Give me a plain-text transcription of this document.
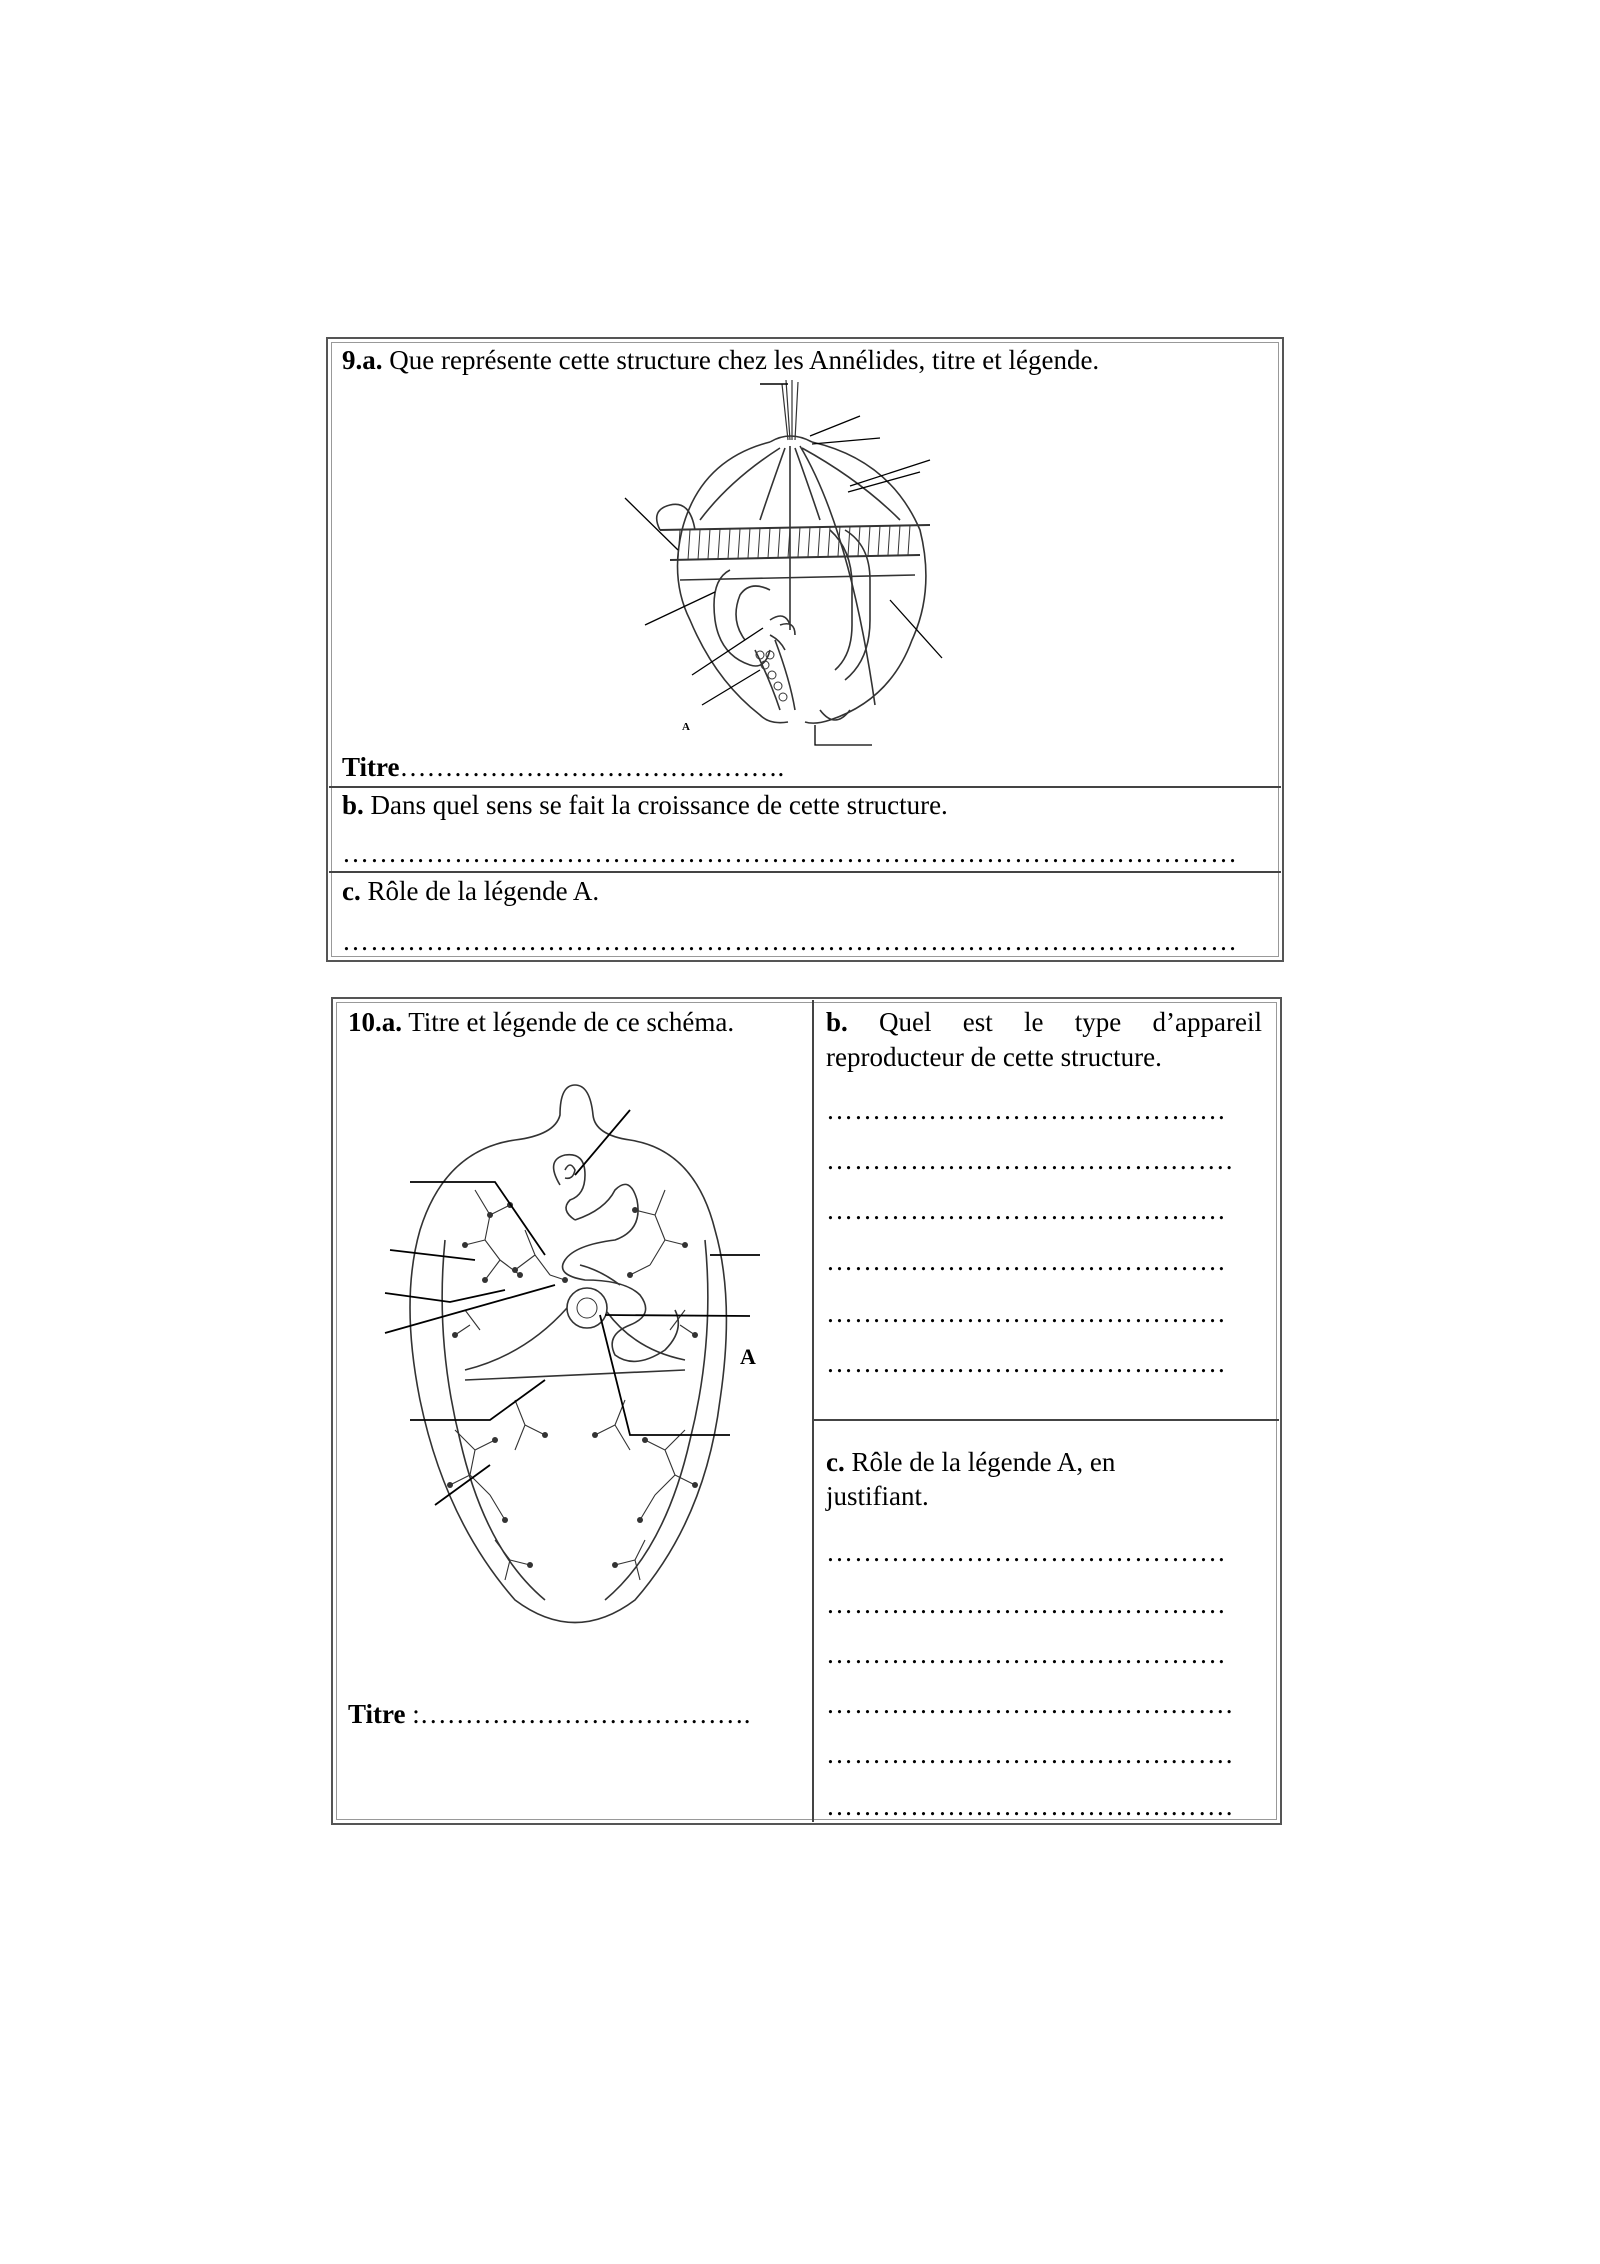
9.a. Que représente cette structure chez les Annélides, titre et légende.
A
Titre…………………………………….
b. Dans quel sens se fait la croissance de cette structure.
……………………………………………………………………………………
c. Rôle de la légende A.
……………………………………………………………………………………
10.a. Titre et légende de ce schéma.
A
Titre :……………………………….
b. Quel est le type d’appareil
reproducteur de cette structure.
…………………………………….
……………………………….…….
…………………………………….
…………………………………….
…………………………………….
…………………………………….
c. Rôle de la légende A, en
justifiant.
…………………………………….
…………………………………….
…………………………………….
……………………………….…….
……………………………….…….
……………………………….…….
